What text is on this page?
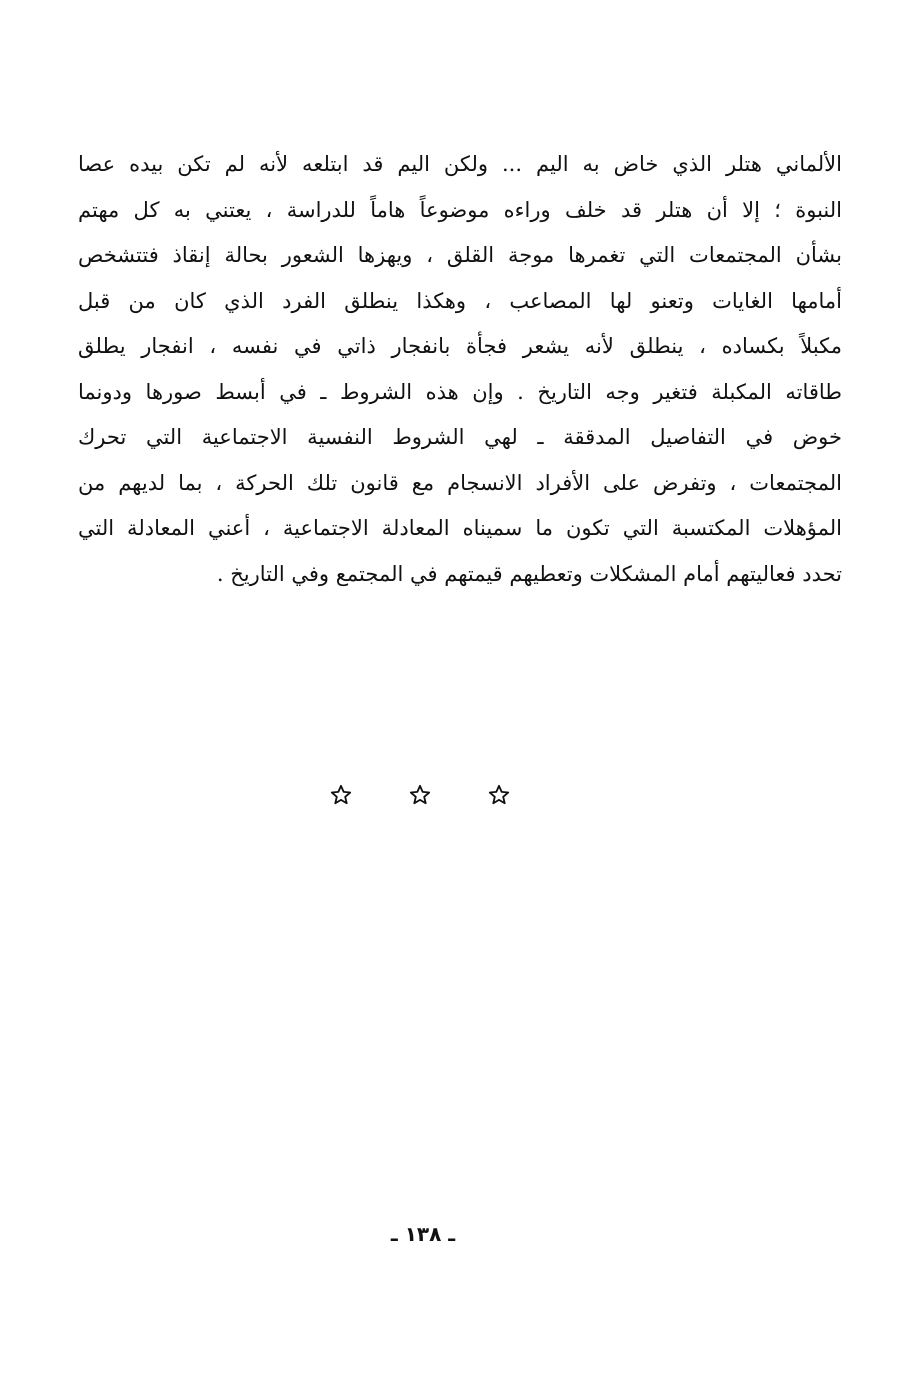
الألماني هتلر الذي خاض به اليم ... ولكن اليم قد ابتلعه لأنه لم تكن بيده عصا
النبوة ؛ إلا أن هتلر قد خلف وراءه موضوعاً هاماً للدراسة ، يعتني به كل مهتم
بشأن المجتمعات التي تغمرها موجة القلق ، ويهزها الشعور بحالة إنقاذ فتتشخص
أمامها الغايات وتعنو لها المصاعب ، وهكذا ينطلق الفرد الذي كان من قبل
مكبلاً بكساده ، ينطلق لأنه يشعر فجأة بانفجار ذاتي في نفسه ، انفجار يطلق
طاقاته المكبلة فتغير وجه التاريخ . وإن هذه الشروط ـ في أبسط صورها ودونما
خوض في التفاصيل المدققة ـ لهي الشروط النفسية الاجتماعية التي تحرك
المجتمعات ، وتفرض على الأفراد الانسجام مع قانون تلك الحركة ، بما لديهم من
المؤهلات المكتسبة التي تكون ما سميناه المعادلة الاجتماعية ، أعني المعادلة التي
تحدد فعاليتهم أمام المشكلات وتعطيهم قيمتهم في المجتمع وفي التاريخ .
ـ ١٣٨ ـ
